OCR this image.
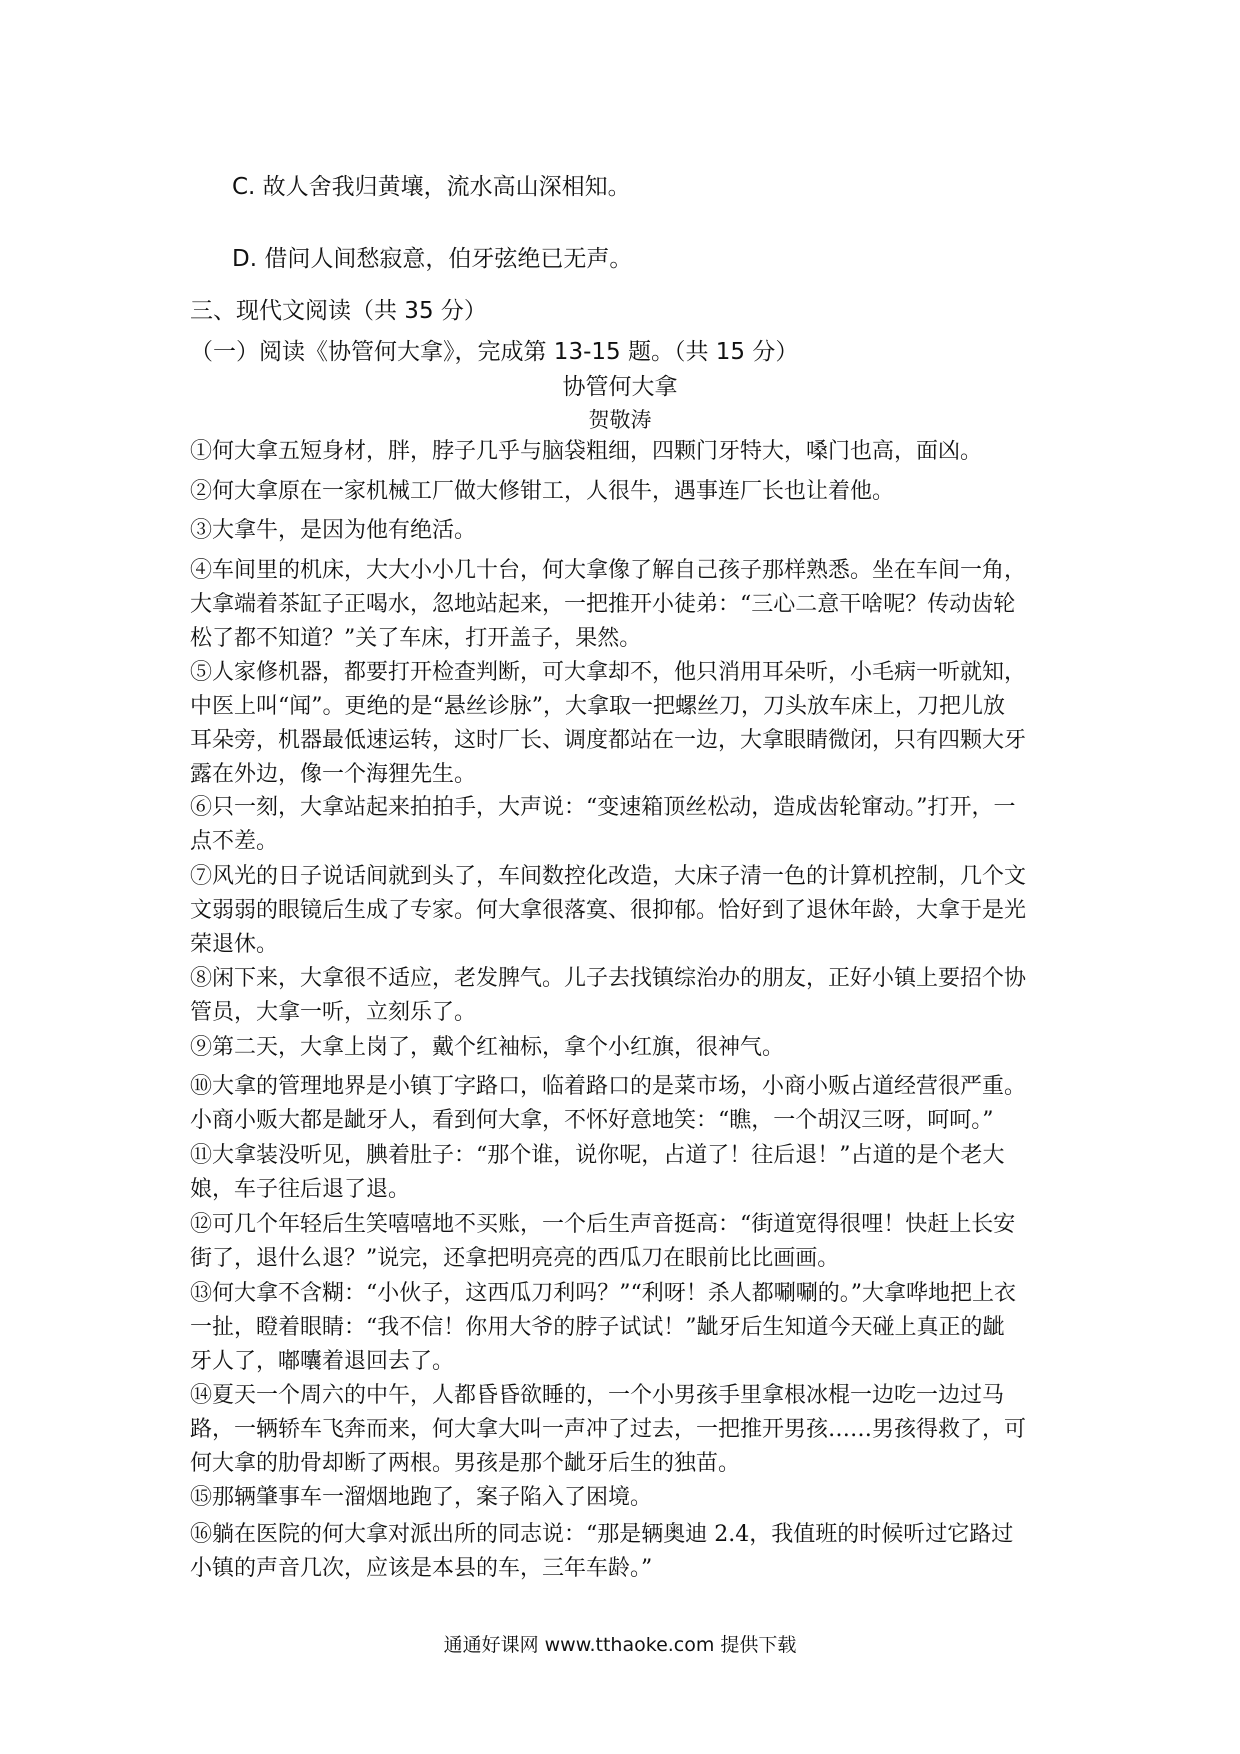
C. 故人舍我归黄壤，流水高山深相知。
D. 借问人间愁寂意，伯牙弦绝已无声。
三、现代文阅读（共 35 分）
（一）阅读《协管何大拿》，完成第 13-15 题。（共 15 分）
协管何大拿
贺敬涛
①何大拿五短身材，胖，脖子几乎与脑袋粗细，四颗门牙特大，嗓门也高，面凶。
②何大拿原在一家机械工厂做大修钳工，人很牛，遇事连厂长也让着他。
③大拿牛，是因为他有绝活。
④车间里的机床，大大小小几十台，何大拿像了解自己孩子那样熟悉。坐在车间一角，大拿端着茶缸子正喝水，忽地站起来，一把推开小徒弟：“三心二意干啥呢？传动齿轮松了都不知道？”关了车床，打开盖子，果然。
⑤人家修机器，都要打开检查判断，可大拿却不，他只消用耳朵听，小毛病一听就知，中医上叫“闻”。更绝的是“悬丝诊脉”，大拿取一把螺丝刀，刀头放车床上，刀把儿放耳朵旁，机器最低速运转，这时厂长、调度都站在一边，大拿眼睛微闭，只有四颗大牙露在外边，像一个海狸先生。
⑥只一刻，大拿站起来拍拍手，大声说：“变速箱顶丝松动，造成齿轮窜动。”打开，一点不差。
⑦风光的日子说话间就到头了，车间数控化改造，大床子清一色的计算机控制，几个文文弱弱的眼镜后生成了专家。何大拿很落寞、很抑郁。恰好到了退休年龄，大拿于是光荣退休。
⑧闲下来，大拿很不适应，老发脾气。儿子去找镇综治办的朋友，正好小镇上要招个协管员，大拿一听，立刻乐了。
⑨第二天，大拿上岗了，戴个红袖标，拿个小红旗，很神气。
⑩大拿的管理地界是小镇丁字路口，临着路口的是菜市场，小商小贩占道经营很严重。小商小贩大都是龇牙人，看到何大拿，不怀好意地笑：“瞧，一个胡汉三呀，呵呵。”
⑪大拿装没听见，腆着肚子：“那个谁，说你呢，占道了！往后退！”占道的是个老大娘，车子往后退了退。
⑫可几个年轻后生笑嘻嘻地不买账，一个后生声音挺高：“街道宽得很哩！快赶上长安街了，退什么退？”说完，还拿把明亮亮的西瓜刀在眼前比比画画。
⑬何大拿不含糊：“小伙子，这西瓜刀利吗？”“利呀！杀人都唰唰的。”大拿哗地把上衣一扯，瞪着眼睛：“我不信！你用大爷的脖子试试！”龇牙后生知道今天碰上真正的龇牙人了，嘟囔着退回去了。
⑭夏天一个周六的中午，人都昏昏欲睡的，一个小男孩手里拿根冰棍一边吃一边过马路，一辆轿车飞奔而来，何大拿大叫一声冲了过去，一把推开男孩……男孩得救了，可何大拿的肋骨却断了两根。男孩是那个龇牙后生的独苗。
⑮那辆肇事车一溜烟地跑了，案子陷入了困境。
⑯躺在医院的何大拿对派出所的同志说：“那是辆奥迪 2.4，我值班的时候听过它路过小镇的声音几次，应该是本县的车，三年车龄。”
通通好课网 www.tthaoke.com 提供下载
